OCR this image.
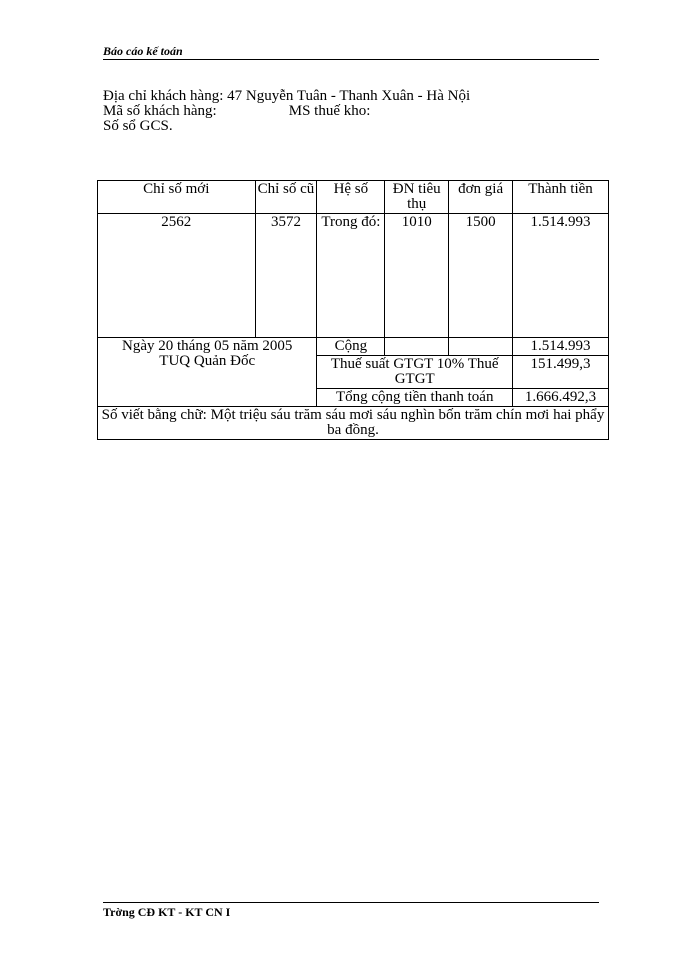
Báo cáo kế toán
Địa chỉ khách hàng: 47 Nguyễn Tuân - Thanh Xuân - Hà Nội
Mã số khách hàng:	MS thuế kho:
Số sổ GCS.
Chỉ số mới	Chỉ số cũ	Hệ số	ĐN tiêu thụ	đơn giá	Thành tiền
2562	3572	Trong đó:	1010	1500	1.514.993

Ngày 20 tháng 05 năm 2005
TUQ Quản Đốc		Cộng			1.514.993
		Thuế suất GTGT 10% Thuế GTGT			151.499,3
		Tổng cộng tiền thanh toán			1.666.492,3
Số viết bằng chữ: Một triệu sáu trăm sáu mơi sáu nghìn bốn trăm chín mơi hai phẩy ba đồng.					
Trờng CĐ KT - KT CN I
